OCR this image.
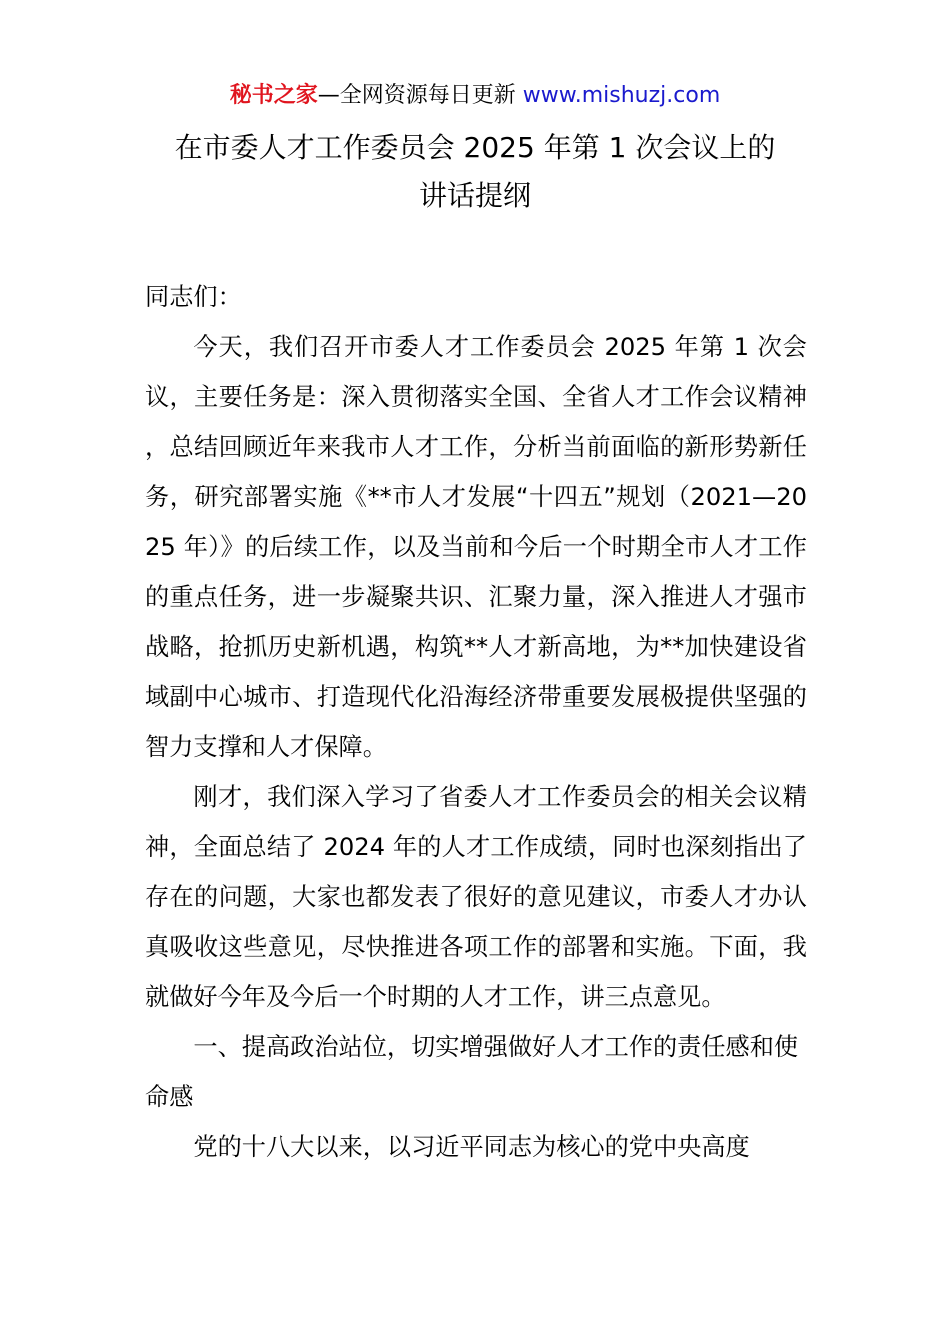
秘书之家—全网资源每日更新 www.mishuzj.com
在市委人才工作委员会 2025 年第 1 次会议上的
讲话提纲
同志们：

今天，我们召开市委人才工作委员会 2025 年第 1 次会议，主要任务是：深入贯彻落实全国、全省人才工作会议精神，总结回顾近年来我市人才工作，分析当前面临的新形势新任务，研究部署实施《**市人才发展“十四五”规划（2021—2025 年）》的后续工作，以及当前和今后一个时期全市人才工作的重点任务，进一步凝聚共识、汇聚力量，深入推进人才强市战略，抢抓历史新机遇，构筑**人才新高地，为**加快建设省域副中心城市、打造现代化沿海经济带重要发展极提供坚强的智力支撑和人才保障。

刚才，我们深入学习了省委人才工作委员会的相关会议精神，全面总结了 2024 年的人才工作成绩，同时也深刻指出了存在的问题，大家也都发表了很好的意见建议，市委人才办认真吸收这些意见，尽快推进各项工作的部署和实施。下面，我就做好今年及今后一个时期的人才工作，讲三点意见。

一、提高政治站位，切实增强做好人才工作的责任感和使命感

党的十八大以来，以习近平同志为核心的党中央高度
